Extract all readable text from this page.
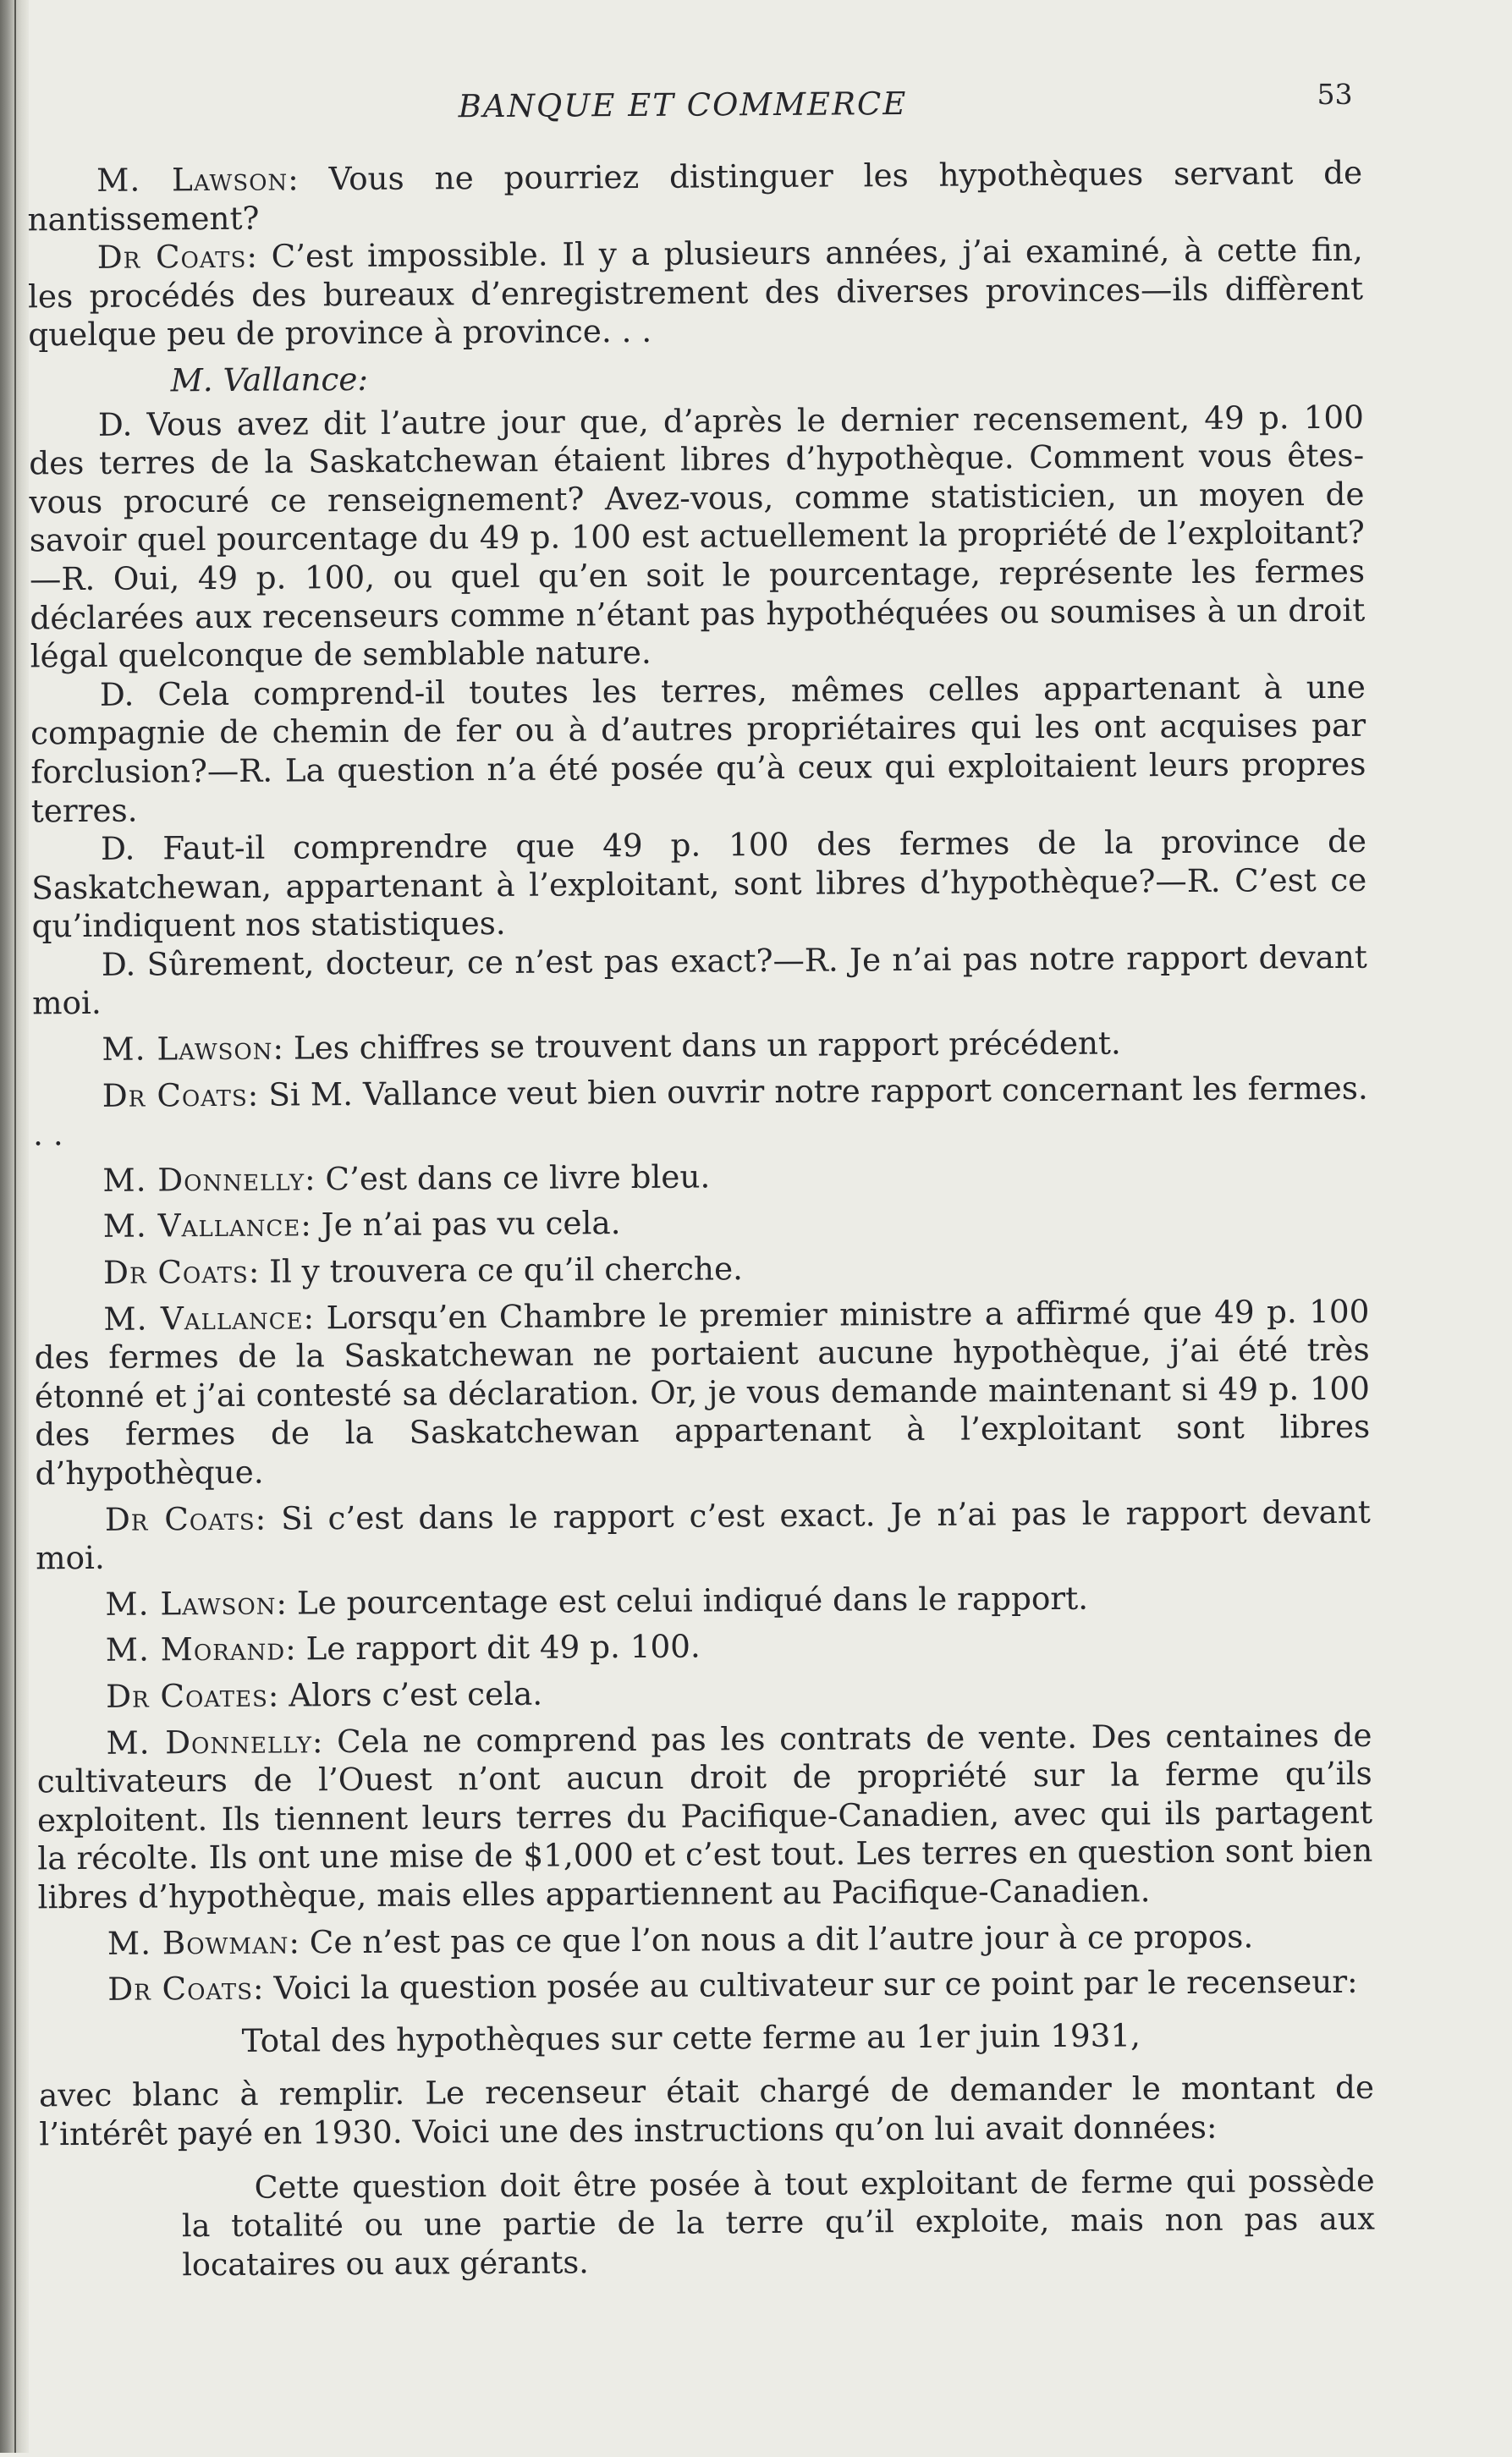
BANQUE ET COMMERCE	53

M. Lawson: Vous ne pourriez distinguer les hypothèques servant de nantissement?

Dr Coats: C’est impossible. Il y a plusieurs années, j’ai examiné, à cette fin, les procédés des bureaux d’enregistrement des diverses provinces—ils diffèrent quelque peu de province à province. . .

M. Vallance:

D. Vous avez dit l’autre jour que, d’après le dernier recensement, 49 p. 100 des terres de la Saskatchewan étaient libres d’hypothèque. Comment vous êtes-vous procuré ce renseignement? Avez-vous, comme statisticien, un moyen de savoir quel pourcentage du 49 p. 100 est actuellement la propriété de l’exploitant?—R. Oui, 49 p. 100, ou quel qu’en soit le pourcentage, représente les fermes déclarées aux recenseurs comme n’étant pas hypothéquées ou soumises à un droit légal quelconque de semblable nature.

D. Cela comprend-il toutes les terres, mêmes celles appartenant à une compagnie de chemin de fer ou à d’autres propriétaires qui les ont acquises par forclusion?—R. La question n’a été posée qu’à ceux qui exploitaient leurs propres terres.

D. Faut-il comprendre que 49 p. 100 des fermes de la province de Saskatchewan, appartenant à l’exploitant, sont libres d’hypothèque?—R. C’est ce qu’indiquent nos statistiques.

D. Sûrement, docteur, ce n’est pas exact?—R. Je n’ai pas notre rapport devant moi.

M. Lawson: Les chiffres se trouvent dans un rapport précédent.

Dr Coats: Si M. Vallance veut bien ouvrir notre rapport concernant les fermes. . .

M. Donnelly: C’est dans ce livre bleu.

M. Vallance: Je n’ai pas vu cela.

Dr Coats: Il y trouvera ce qu’il cherche.

M. Vallance: Lorsqu’en Chambre le premier ministre a affirmé que 49 p. 100 des fermes de la Saskatchewan ne portaient aucune hypothèque, j’ai été très étonné et j’ai contesté sa déclaration. Or, je vous demande maintenant si 49 p. 100 des fermes de la Saskatchewan appartenant à l’exploitant sont libres d’hypothèque.

Dr Coats: Si c’est dans le rapport c’est exact. Je n’ai pas le rapport devant moi.

M. Lawson: Le pourcentage est celui indiqué dans le rapport.

M. Morand: Le rapport dit 49 p. 100.

Dr Coates: Alors c’est cela.

M. Donnelly: Cela ne comprend pas les contrats de vente. Des centaines de cultivateurs de l’Ouest n’ont aucun droit de propriété sur la ferme qu’ils exploitent. Ils tiennent leurs terres du Pacifique-Canadien, avec qui ils partagent la récolte. Ils ont une mise de $1,000 et c’est tout. Les terres en question sont bien libres d’hypothèque, mais elles appartiennent au Pacifique-Canadien.

M. Bowman: Ce n’est pas ce que l’on nous a dit l’autre jour à ce propos.

Dr Coats: Voici la question posée au cultivateur sur ce point par le recenseur:

Total des hypothèques sur cette ferme au 1er juin 1931,

avec blanc à remplir. Le recenseur était chargé de demander le montant de l’intérêt payé en 1930. Voici une des instructions qu’on lui avait données:

Cette question doit être posée à tout exploitant de ferme qui possède la totalité ou une partie de la terre qu’il exploite, mais non pas aux locataires ou aux gérants.
